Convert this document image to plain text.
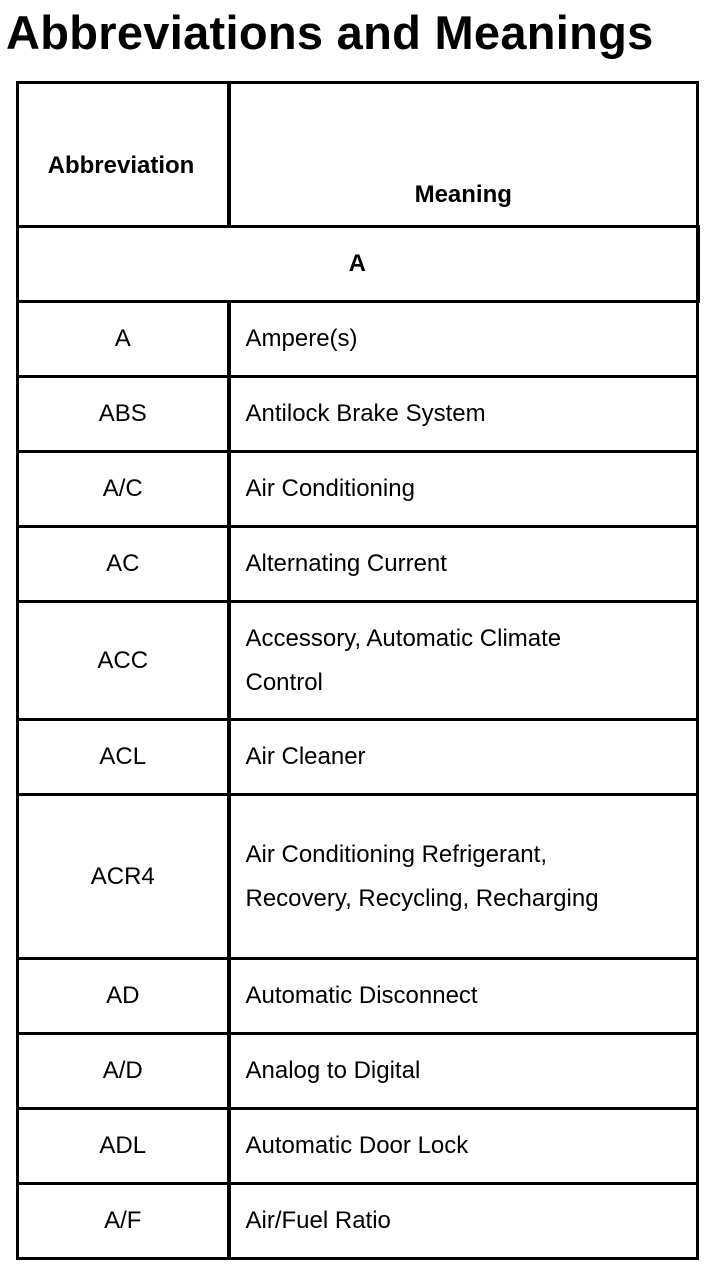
Abbreviations and Meanings
Abbreviation	Meaning
A	
A	Ampere(s)
ABS	Antilock Brake System
A/C	Air Conditioning
AC	Alternating Current
ACC	Accessory, Automatic Climate Control
ACL	Air Cleaner
ACR4	Air Conditioning Refrigerant, Recovery, Recycling, Recharging
AD	Automatic Disconnect
A/D	Analog to Digital
ADL	Automatic Door Lock
A/F	Air/Fuel Ratio
